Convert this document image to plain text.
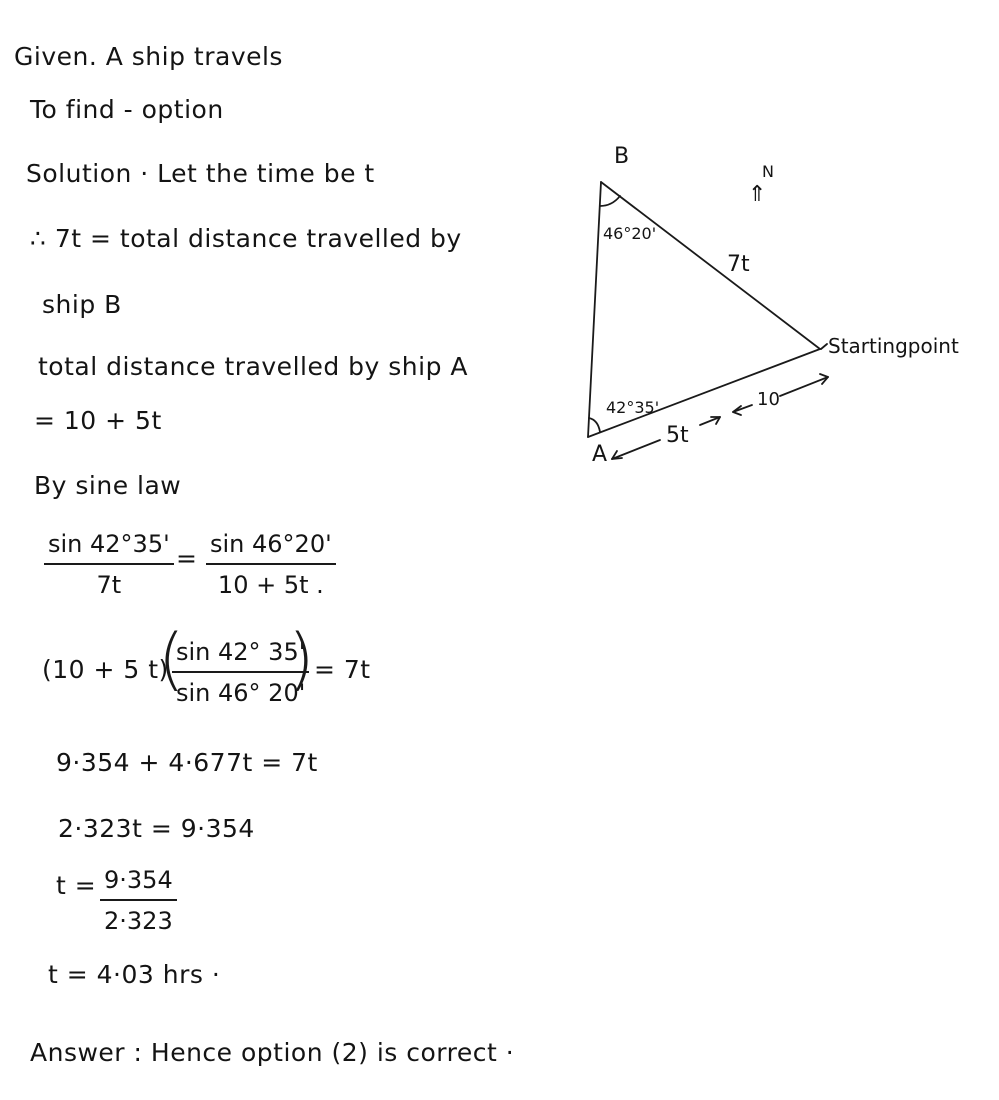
Given. A ship travels
To find - option
Solution · Let the time be t
∴ 7t = total distance travelled by
ship B
total distance travelled by ship A
= 10 + 5t
By sine law
$\frac{\sin 42^\circ 35'}{7t} = \frac{\sin 46^\circ 20'}{10 + 5t .}$
(10 + 5 t)
(
$\frac{\sin 42^\circ 35'}{\sin 46^\circ 20'}$
) = 7t
9·354 + 4·677t = 7t
2·323t = 9·354
$t = \frac{9\cdot 354}{2\cdot 323}$
t = 4·03 hrs ·
Answer : Hence option (2) is correct ·
B
46°20'
7t
N
⇑
Startingpoint
42°35'
A
5t
10
